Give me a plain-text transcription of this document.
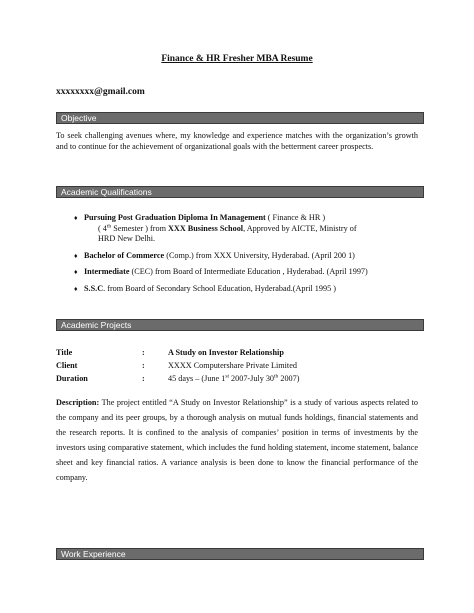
Finance & HR Fresher MBA Resume
xxxxxxxx@gmail.com
Objective
To seek challenging avenues where, my knowledge and experience matches with the organization’s growth and to continue for the achievement of organizational goals with the betterment career prospects.
Academic Qualifications
♦ Pursuing Post Graduation Diploma In Management ( Finance & HR )
( 4th Semester ) from XXX Business School, Approved by AICTE, Ministry of
HRD New Delhi.
♦ Bachelor of Commerce (Comp.) from XXX University, Hyderabad. (April 200 1)
♦ Intermediate (CEC) from Board of Intermediate Education , Hyderabad. (April 1997)
♦ S.S.C. from Board of Secondary School Education, Hyderabad.(April 1995 )
Academic Projects
Title	:	A Study on Investor Relationship
Client	:	XXXX Computershare Private Limited
Duration	:	45 days – (June 1st 2007-July 30th 2007)
Description: The project entitled “A Study on Investor Relationship” is a study of various aspects related to the company and its peer groups, by a thorough analysis on mutual funds holdings, financial statements and the research reports. It is confined to the analysis of companies’ position in terms of investments by the investors using comparative statement, which includes the fund holding statement, income statement, balance sheet and key financial ratios. A variance analysis is been done to know the financial performance of the company.
Work Experience
